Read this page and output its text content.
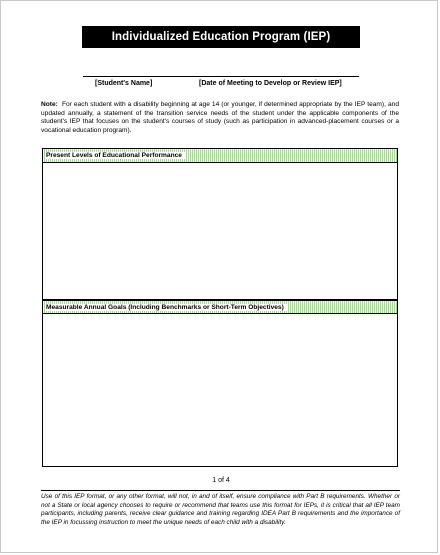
Individualized Education Program (IEP)
[Student's Name]	[Date of Meeting to Develop or Review IEP]
Note: For each student with a disability beginning at age 14 (or younger, if determined appropriate by the IEP team), and updated annually, a statement of the transition service needs of the student under the applicable components of the student's IEP that focuses on the student's courses of study (such as participation in advanced-placement courses or a vocational education program).
Present Levels of Educational Performance
Measurable Annual Goals (Including Benchmarks or Short-Term Objectives)
1 of 4
Use of this IEP format, or any other format, will not, in and of itself, ensure compliance with Part B requirements. Whether or not a State or local agency chooses to require or recommend that teams use this format for IEPs, it is critical that all IEP team participants, including parents, receive clear guidance and training regarding IDEA Part B requirements and the importance of the IEP in focussing instruction to meet the unique needs of each child with a disability.
